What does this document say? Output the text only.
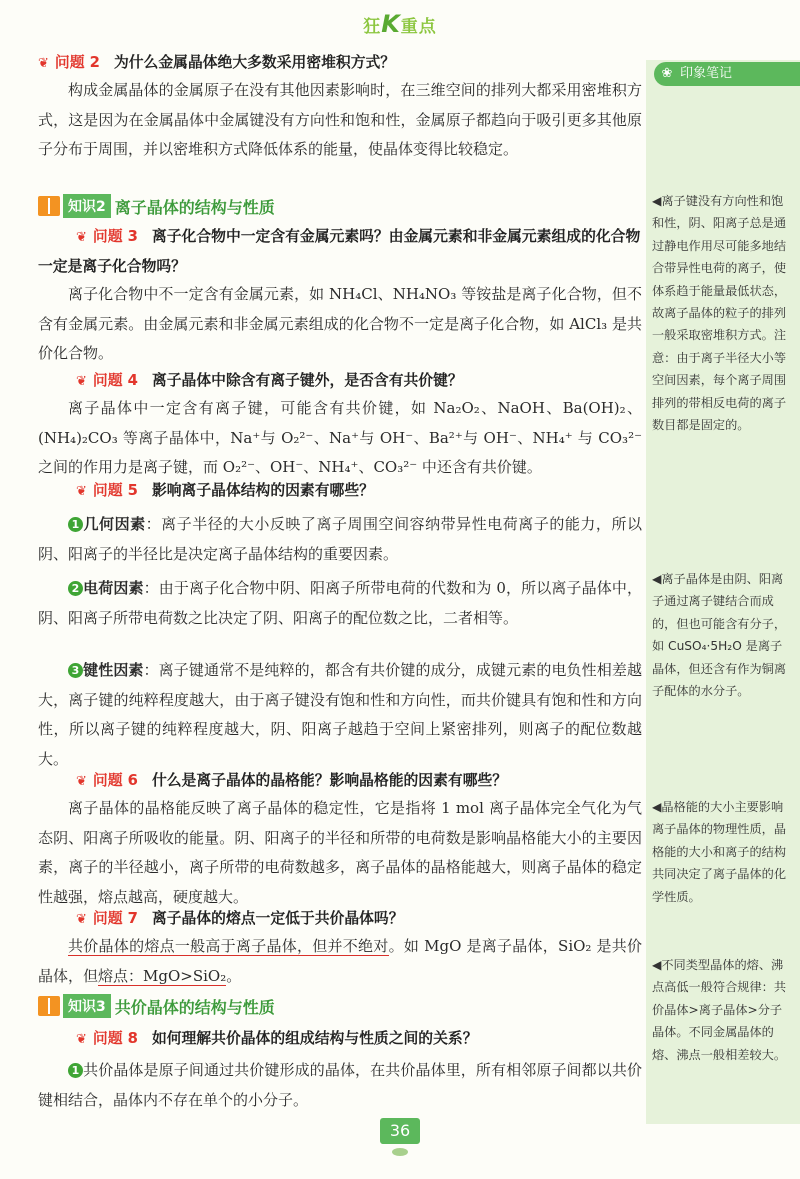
狂K重点
❀ 印象笔记
◀离子键没有方向性和饱和性，阴、阳离子总是通过静电作用尽可能多地结合带异性电荷的离子，使体系趋于能量最低状态，故离子晶体的粒子的排列一般采取密堆积方式。注意：由于离子半径大小等空间因素，每个离子周围排列的带相反电荷的离子数目都是固定的。
◀离子晶体是由阴、阳离子通过离子键结合而成的，但也可能含有分子，如 CuSO₄·5H₂O 是离子晶体，但还含有作为铜离子配体的水分子。
◀晶格能的大小主要影响离子晶体的物理性质，晶格能的大小和离子的结构共同决定了离子晶体的化学性质。
◀不同类型晶体的熔、沸点高低一般符合规律：共价晶体>离子晶体>分子晶体。不同金属晶体的熔、沸点一般相差较大。
❦ 问题 2 为什么金属晶体绝大多数采用密堆积方式？
构成金属晶体的金属原子在没有其他因素影响时，在三维空间的排列大都采用密堆积方式，这是因为在金属晶体中金属键没有方向性和饱和性，金属原子都趋向于吸引更多其他原子分布于周围，并以密堆积方式降低体系的能量，使晶体变得比较稳定。
知识2 离子晶体的结构与性质
❦ 问题 3 离子化合物中一定含有金属元素吗？由金属元素和非金属元素组成的化合物一定是离子化合物吗？
离子化合物中不一定含有金属元素，如 NH₄Cl、NH₄NO₃ 等铵盐是离子化合物，但不含有金属元素。由金属元素和非金属元素组成的化合物不一定是离子化合物，如 AlCl₃ 是共价化合物。
❦ 问题 4 离子晶体中除含有离子键外，是否含有共价键？
离子晶体中一定含有离子键，可能含有共价键，如 Na₂O₂、NaOH、Ba(OH)₂、(NH₄)₂CO₃ 等离子晶体中，Na⁺与 O₂²⁻、Na⁺与 OH⁻、Ba²⁺与 OH⁻、NH₄⁺ 与 CO₃²⁻ 之间的作用力是离子键，而 O₂²⁻、OH⁻、NH₄⁺、CO₃²⁻ 中还含有共价键。
❦ 问题 5 影响离子晶体结构的因素有哪些？
1 几何因素：离子半径的大小反映了离子周围空间容纳带异性电荷离子的能力，所以阴、阳离子的半径比是决定离子晶体结构的重要因素。
2 电荷因素：由于离子化合物中阴、阳离子所带电荷的代数和为 0，所以离子晶体中，阴、阳离子所带电荷数之比决定了阴、阳离子的配位数之比，二者相等。
3 键性因素：离子键通常不是纯粹的，都含有共价键的成分，成键元素的电负性相差越大，离子键的纯粹程度越大，由于离子键没有饱和性和方向性，而共价键具有饱和性和方向性，所以离子键的纯粹程度越大，阴、阳离子越趋于空间上紧密排列，则离子的配位数越大。
❦ 问题 6 什么是离子晶体的晶格能？影响晶格能的因素有哪些？
离子晶体的晶格能反映了离子晶体的稳定性，它是指将 1 mol 离子晶体完全气化为气态阴、阳离子所吸收的能量。阴、阳离子的半径和所带的电荷数是影响晶格能大小的主要因素，离子的半径越小，离子所带的电荷数越多，离子晶体的晶格能越大，则离子晶体的稳定性越强，熔点越高，硬度越大。
❦ 问题 7 离子晶体的熔点一定低于共价晶体吗？
共价晶体的熔点一般高于离子晶体，但并不绝对。如 MgO 是离子晶体，SiO₂ 是共价晶体，但熔点：MgO>SiO₂。
知识3 共价晶体的结构与性质
❦ 问题 8 如何理解共价晶体的组成结构与性质之间的关系？
1 共价晶体是原子间通过共价键形成的晶体，在共价晶体里，所有相邻原子间都以共价键相结合，晶体内不存在单个的小分子。
36
